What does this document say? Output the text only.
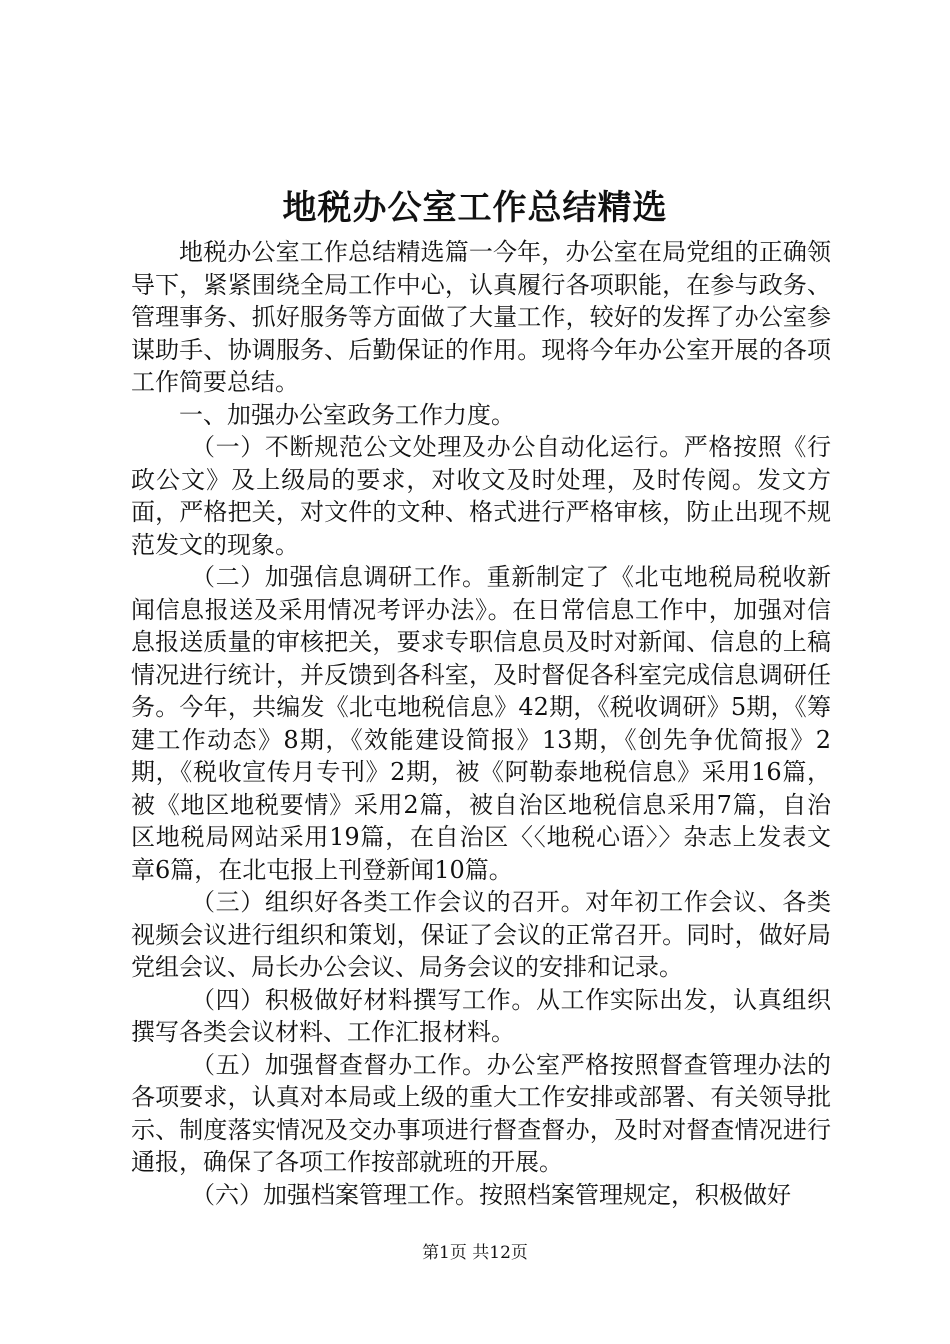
地税办公室工作总结精选

地税办公室工作总结精选篇一今年，办公室在局党组的正确领导下，紧紧围绕全局工作中心，认真履行各项职能，在参与政务、管理事务、抓好服务等方面做了大量工作，较好的发挥了办公室参谋助手、协调服务、后勤保证的作用。现将今年办公室开展的各项工作简要总结。

一、加强办公室政务工作力度。

（一）不断规范公文处理及办公自动化运行。严格按照《行政公文》及上级局的要求，对收文及时处理，及时传阅。发文方面，严格把关，对文件的文种、格式进行严格审核，防止出现不规范发文的现象。

（二）加强信息调研工作。重新制定了《北屯地税局税收新闻信息报送及采用情况考评办法》。在日常信息工作中，加强对信息报送质量的审核把关，要求专职信息员及时对新闻、信息的上稿情况进行统计，并反馈到各科室，及时督促各科室完成信息调研任务。今年，共编发《北屯地税信息》42期，《税收调研》5期，《筹建工作动态》8期，《效能建设简报》13期，《创先争优简报》2期，《税收宣传月专刊》2期，被《阿勒泰地税信息》采用16篇，被《地区地税要情》采用2篇，被自治区地税信息采用7篇，自治区地税局网站采用19篇，在自治区〈〈地税心语〉〉杂志上发表文章6篇，在北屯报上刊登新闻10篇。

（三）组织好各类工作会议的召开。对年初工作会议、各类视频会议进行组织和策划，保证了会议的正常召开。同时，做好局党组会议、局长办公会议、局务会议的安排和记录。

（四）积极做好材料撰写工作。从工作实际出发，认真组织撰写各类会议材料、工作汇报材料。

（五）加强督查督办工作。办公室严格按照督查管理办法的各项要求，认真对本局或上级的重大工作安排或部署、有关领导批示、制度落实情况及交办事项进行督查督办，及时对督查情况进行通报，确保了各项工作按部就班的开展。

（六）加强档案管理工作。按照档案管理规定，积极做好

第1页 共12页
